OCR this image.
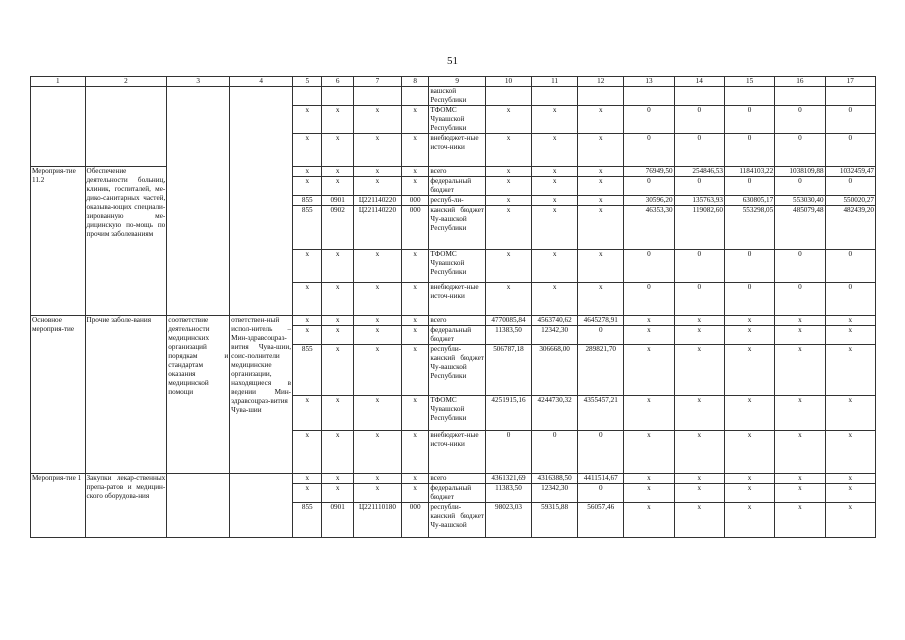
51
1	2	3	4	5	6	7	8	9	10	11	12	13	14	15	16	17
								вашской Республики								
				x	x	x	x	ТФОМС Чувашской Республики	x	x	x	0	0	0	0	0
				x	x	x	x	внебюджет-ные источ-ники	x	x	x	0	0	0	0	0
Мероприя-тие 11.2	Обеспечение деятельности больниц, клиник, госпиталей, ме-дико-санитарных частей, оказыва-ющих специали-зированную ме-дицинскую по-мощь по прочим заболеваниям			x	x	x	x	всего	x	x	x	76949,50	254846,53	1184103,22	1038109,88	1032459,47
				x	x	x	x	федеральный бюджет	x	x	x	0	0	0	0	0
				855	0901	Ц221140220	000	респуб-ли-	x	x	x	30596,20	135763,93	630805,17	553030,40	550020,27
				855	0902	Ц221140220	000	канский бюджет Чу-вашской Республики	x	x	x	46353,30	119082,60	553298,05	485079,48	482439,20
				x	x	x	x	ТФОМС Чувашской Республики	x	x	x	0	0	0	0	0
				x	x	x	x	внебюджет-ные источ-ники	x	x	x	0	0	0	0	0
Основное мероприя-тие	Прочие заболе-вания	соответствие деятельности медицинских организаций порядкам и стандартам оказания медицинской помощи	ответствен-ный испол-нитель – Мин-здравсоцраз-вития Чува-шии, соис-полнители медицинские организации, находящиеся в ведении Мин-здравсоцраз-вития Чува-шии	x	x	x	x	всего	4770085,84	4563740,62	4645278,91	x	x	x	x	x
				x	x	x	x	федеральный бюджет	11383,50	12342,30	0	x	x	x	x	x
				855	x	x	x	республи-канский бюджет Чу-вашской Республики	506787,18	306668,00	289821,70	x	x	x	x	x
				x	x	x	x	ТФОМС Чувашской Республики	4251915,16	4244730,32	4355457,21	x	x	x	x	x
				x	x	x	x	внебюджет-ные источ-ники	0	0	0	x	x	x	x	x
Мероприя-тие 1	Закупки лекар-ственных препа-ратов и медицин-ского оборудова-ния			x	x	x	x	всего	4361321,69	4316388,50	4411514,67	x	x	x	x	x
				x	x	x	x	федеральный бюджет	11383,50	12342,30	0	x	x	x	x	x
				855	0901	Ц221110180	000	республи-канский бюджет Чу-вашской	98023,03	59315,88	56057,46	x	x	x	x	x
